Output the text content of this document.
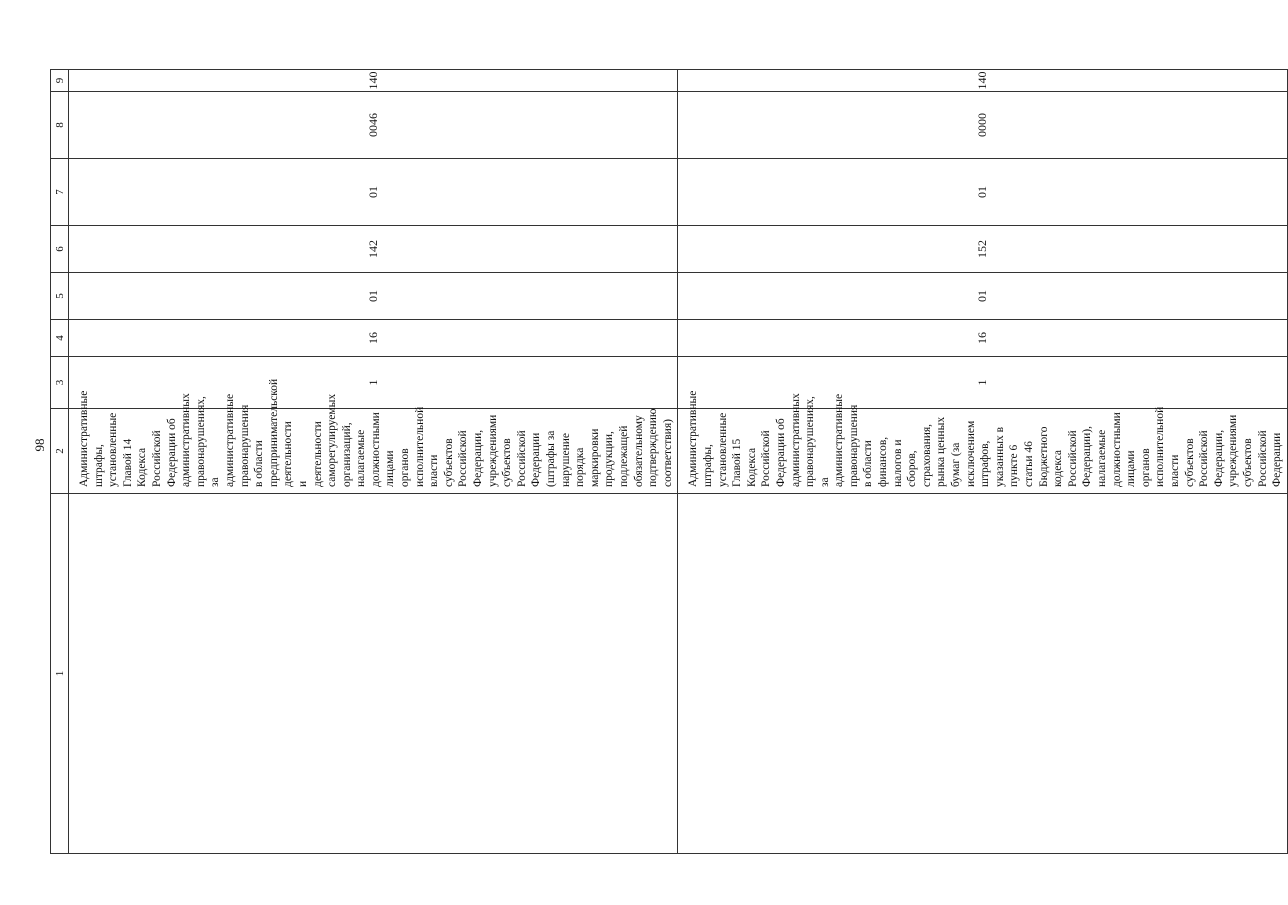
98
1	2	3	4	5	6	7	8	9
	Административные штрафы, установленные Главой 14 Кодекса Российской Федерации об административных правонарушениях, за административные правонарушения в области предпринимательской деятельности и деятельности саморегулируемых организаций, налагаемые должностными лицами органов исполнительной власти субъектов Российской Федерации, учреждениями субъектов Российской Федерации (штрафы за нарушение порядка маркировки продукции, подлежащей обязательному подтверждению соответствия)	1	16	01	142	01	0046	140
	Административные штрафы, установленные Главой 15 Кодекса Российской Федерации об административных правонарушениях, за административные правонарушения в области финансов, налогов и сборов, страхования, рынка ценных бумаг (за исключением штрафов, указанных в пункте 6 статьи 46 Бюджетного кодекса Российской Федерации), налагаемые должностными лицами органов исполнительной власти субъектов Российской Федерации, учреждениями субъектов Российской Федерации	1	16	01	152	01	0000	140
